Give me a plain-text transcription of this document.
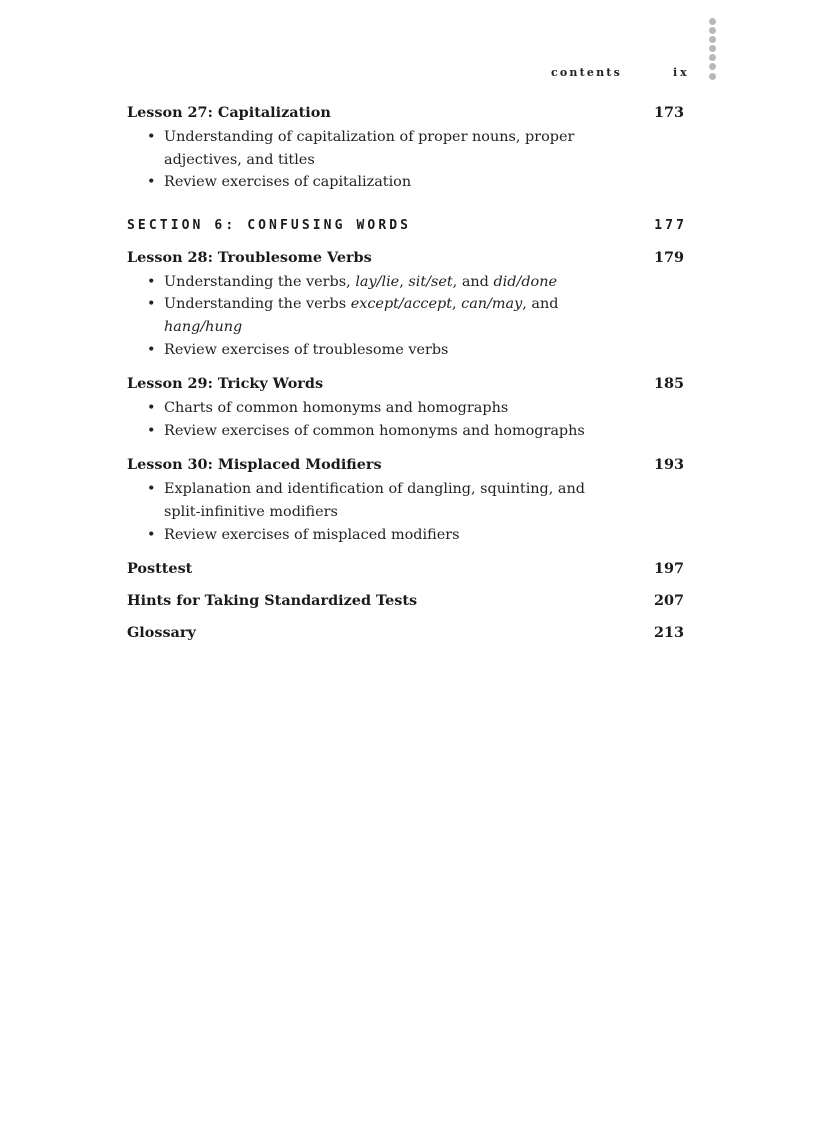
contents	ix
Lesson 27: Capitalization	173
• Understanding of capitalization of proper nouns, proper adjectives, and titles
• Review exercises of capitalization
SECTION 6: CONFUSING WORDS	177
Lesson 28: Troublesome Verbs	179
• Understanding the verbs, lay/lie, sit/set, and did/done
• Understanding the verbs except/accept, can/may, and hang/hung
• Review exercises of troublesome verbs
Lesson 29: Tricky Words	185
• Charts of common homonyms and homographs
• Review exercises of common homonyms and homographs
Lesson 30: Misplaced Modifiers	193
• Explanation and identification of dangling, squinting, and split-infinitive modifiers
• Review exercises of misplaced modifiers
Posttest	197
Hints for Taking Standardized Tests	207
Glossary	213
